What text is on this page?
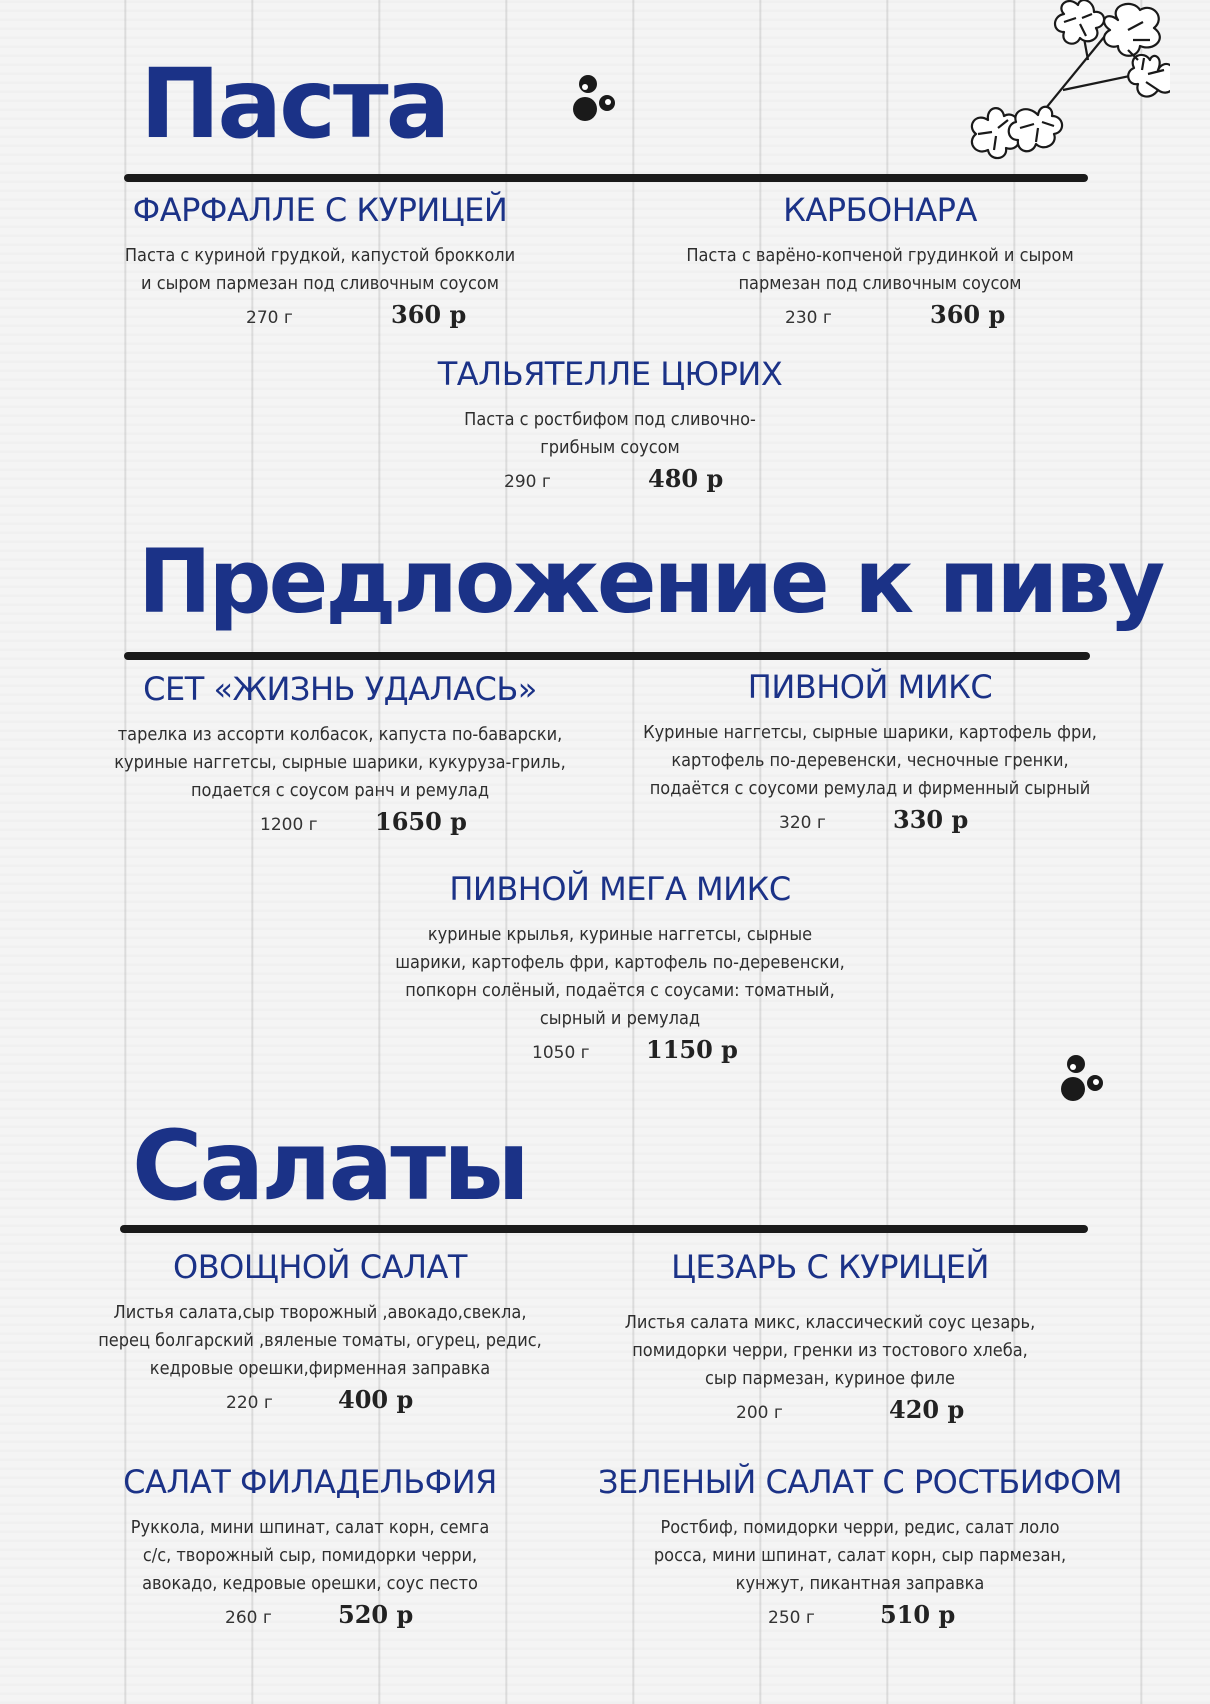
Паста
ФАРФАЛЛЕ С КУРИЦЕЙ
Паста с куриной грудкой, капустой брокколи
и сыром пармезан под сливочным соусом
270 г	360 р
КАРБОНАРА
Паста с варёно-копченой грудинкой и сыром
пармезан под сливочным соусом
230 г	360 р
ТАЛЬЯТЕЛЛЕ ЦЮРИХ
Паста с ростбифом под сливочно-
грибным соусом
290 г	480 р
Предложение к пиву
СЕТ «ЖИЗНЬ УДАЛАСЬ»
тарелка из ассорти колбасок, капуста по-баварски,
куриные наггетсы, сырные шарики, кукуруза-гриль,
подается с соусом ранч и ремулад
1200 г 1650 р
ПИВНОЙ МИКС
Куриные наггетсы, сырные шарики, картофель фри,
картофель по-деревенски, чесночные гренки,
подаётся с соусоми ремулад и фирменный сырный
320 г	330 р
ПИВНОЙ МЕГА МИКС
куриные крылья, куриные наггетсы, сырные
шарики, картофель фри, картофель по-деревенски,
попкорн солёный, подаётся с соусами: томатный,
сырный и ремулад
1050 г 1150 р
Салаты
ОВОЩНОЙ САЛАТ
Листья салата,сыр творожный ,авокадо,свекла,
перец болгарский ,вяленые томаты, огурец, редис,
кедровые орешки,фирменная заправка
220 г	400 р
ЦЕЗАРЬ С КУРИЦЕЙ
Листья салата микс, классический соус цезарь,
помидорки черри, гренки из тостового хлеба,
сыр пармезан, куриное филе
200 г	420 р
САЛАТ ФИЛАДЕЛЬФИЯ
Руккола, мини шпинат, салат корн, семга
с/с, творожный сыр, помидорки черри,
авокадо, кедровые орешки, соус песто
260 г	520 р
ЗЕЛЕНЫЙ САЛАТ С РОСТБИФОМ
Ростбиф, помидорки черри, редис, салат лоло
росса, мини шпинат, салат корн, сыр пармезан,
кунжут, пикантная заправка
250 г	510 р
